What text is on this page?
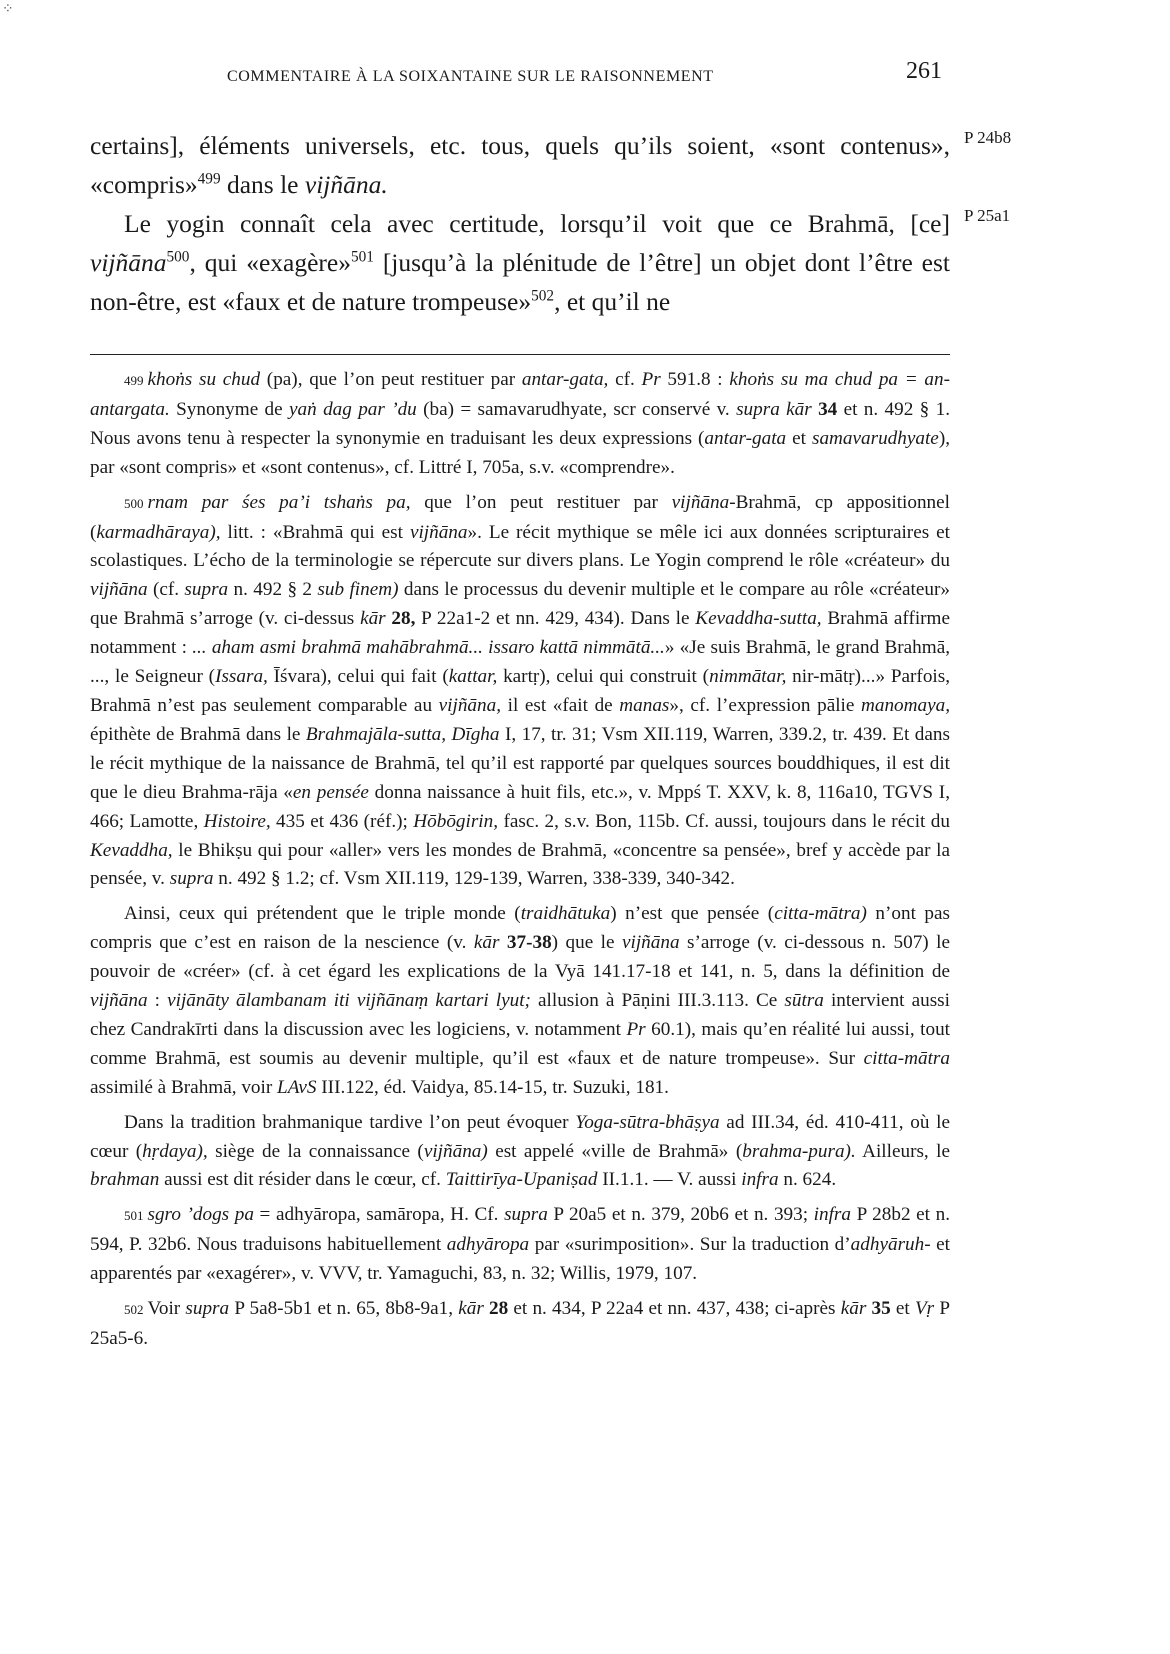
⁘
COMMENTAIRE À LA SOIXANTAINE SUR LE RAISONNEMENT	261
P 24b8
P 25a1

certains], éléments universels, etc. tous, quels qu’ils soient, «sont contenus», «compris»$^{499}$ dans le vijñāna.

Le yogin connaît cela avec certitude, lorsqu’il voit que ce Brahmā, [ce] vijñāna$^{500}$, qui «exagère»$^{501}$ [jusqu’à la plénitude de l’être] un objet dont l’être est non-être, est «faux et de nature trompeuse»$^{502}$, et qu’il ne

499 khoṅs su chud (pa), que l’on peut restituer par antar-gata, cf. Pr 591.8 : khoṅs su ma chud pa = an-antargata. Synonyme de yaṅ dag par ’du (ba) = samavarudhyate, scr conservé v. supra kār 34 et n. 492 § 1. Nous avons tenu à respecter la synonymie en traduisant les deux expressions (antar-gata et samavarudhyate), par «sont compris» et «sont contenus», cf. Littré I, 705a, s.v. «comprendre».

500 rnam par śes pa’i tshaṅs pa, que l’on peut restituer par vijñāna-Brahmā, cp appositionnel (karmadhāraya), litt. : «Brahmā qui est vijñāna». Le récit mythique se mêle ici aux données scripturaires et scolastiques. L’écho de la terminologie se répercute sur divers plans. Le Yogin comprend le rôle «créateur» du vijñāna (cf. supra n. 492 § 2 sub finem) dans le processus du devenir multiple et le compare au rôle «créateur» que Brahmā s’arroge (v. ci-dessus kār 28, P 22a1-2 et nn. 429, 434). Dans le Kevaddha-sutta, Brahmā affirme notamment : ... aham asmi brahmā mahābrahmā... issaro kattā nimmātā...» «Je suis Brahmā, le grand Brahmā, ..., le Seigneur (Issara, Īśvara), celui qui fait (kattar, kartṛ), celui qui construit (nimmātar, nir-mātṛ)...» Parfois, Brahmā n’est pas seulement comparable au vijñāna, il est «fait de manas», cf. l’expression pālie manomaya, épithète de Brahmā dans le Brahmajāla-sutta, Dīgha I, 17, tr. 31; Vsm XII.119, Warren, 339.2, tr. 439. Et dans le récit mythique de la naissance de Brahmā, tel qu’il est rapporté par quelques sources bouddhiques, il est dit que le dieu Brahma-rāja «en pensée donna naissance à huit fils, etc.», v. Mppś T. XXV, k. 8, 116a10, TGVS I, 466; Lamotte, Histoire, 435 et 436 (réf.); Hōbōgirin, fasc. 2, s.v. Bon, 115b. Cf. aussi, toujours dans le récit du Kevaddha, le Bhikṣu qui pour «aller» vers les mondes de Brahmā, «concentre sa pensée», bref y accède par la pensée, v. supra n. 492 § 1.2; cf. Vsm XII.119, 129-139, Warren, 338-339, 340-342.

Ainsi, ceux qui prétendent que le triple monde (traidhātuka) n’est que pensée (citta-mātra) n’ont pas compris que c’est en raison de la nescience (v. kār 37-38) que le vijñāna s’arroge (v. ci-dessous n. 507) le pouvoir de «créer» (cf. à cet égard les explications de la Vyā 141.17-18 et 141, n. 5, dans la définition de vijñāna : vijānāty ālambanam iti vijñānaṃ kartari lyut; allusion à Pāṇini III.3.113. Ce sūtra intervient aussi chez Candrakīrti dans la discussion avec les logiciens, v. notamment Pr 60.1), mais qu’en réalité lui aussi, tout comme Brahmā, est soumis au devenir multiple, qu’il est «faux et de nature trompeuse». Sur citta-mātra assimilé à Brahmā, voir LAvS III.122, éd. Vaidya, 85.14-15, tr. Suzuki, 181.

Dans la tradition brahmanique tardive l’on peut évoquer Yoga-sūtra-bhāṣya ad III.34, éd. 410-411, où le cœur (hṛdaya), siège de la connaissance (vijñāna) est appelé «ville de Brahmā» (brahma-pura). Ailleurs, le brahman aussi est dit résider dans le cœur, cf. Taittirīya-Upaniṣad II.1.1. — V. aussi infra n. 624.

501 sgro ’dogs pa = adhyāropa, samāropa, H. Cf. supra P 20a5 et n. 379, 20b6 et n. 393; infra P 28b2 et n. 594, P. 32b6. Nous traduisons habituellement adhyāropa par «surimposition». Sur la traduction d’adhyāruh- et apparentés par «exagérer», v. VVV, tr. Yamaguchi, 83, n. 32; Willis, 1979, 107.

502 Voir supra P 5a8-5b1 et n. 65, 8b8-9a1, kār 28 et n. 434, P 22a4 et nn. 437, 438; ci-après kār 35 et Vṛ P 25a5-6.
